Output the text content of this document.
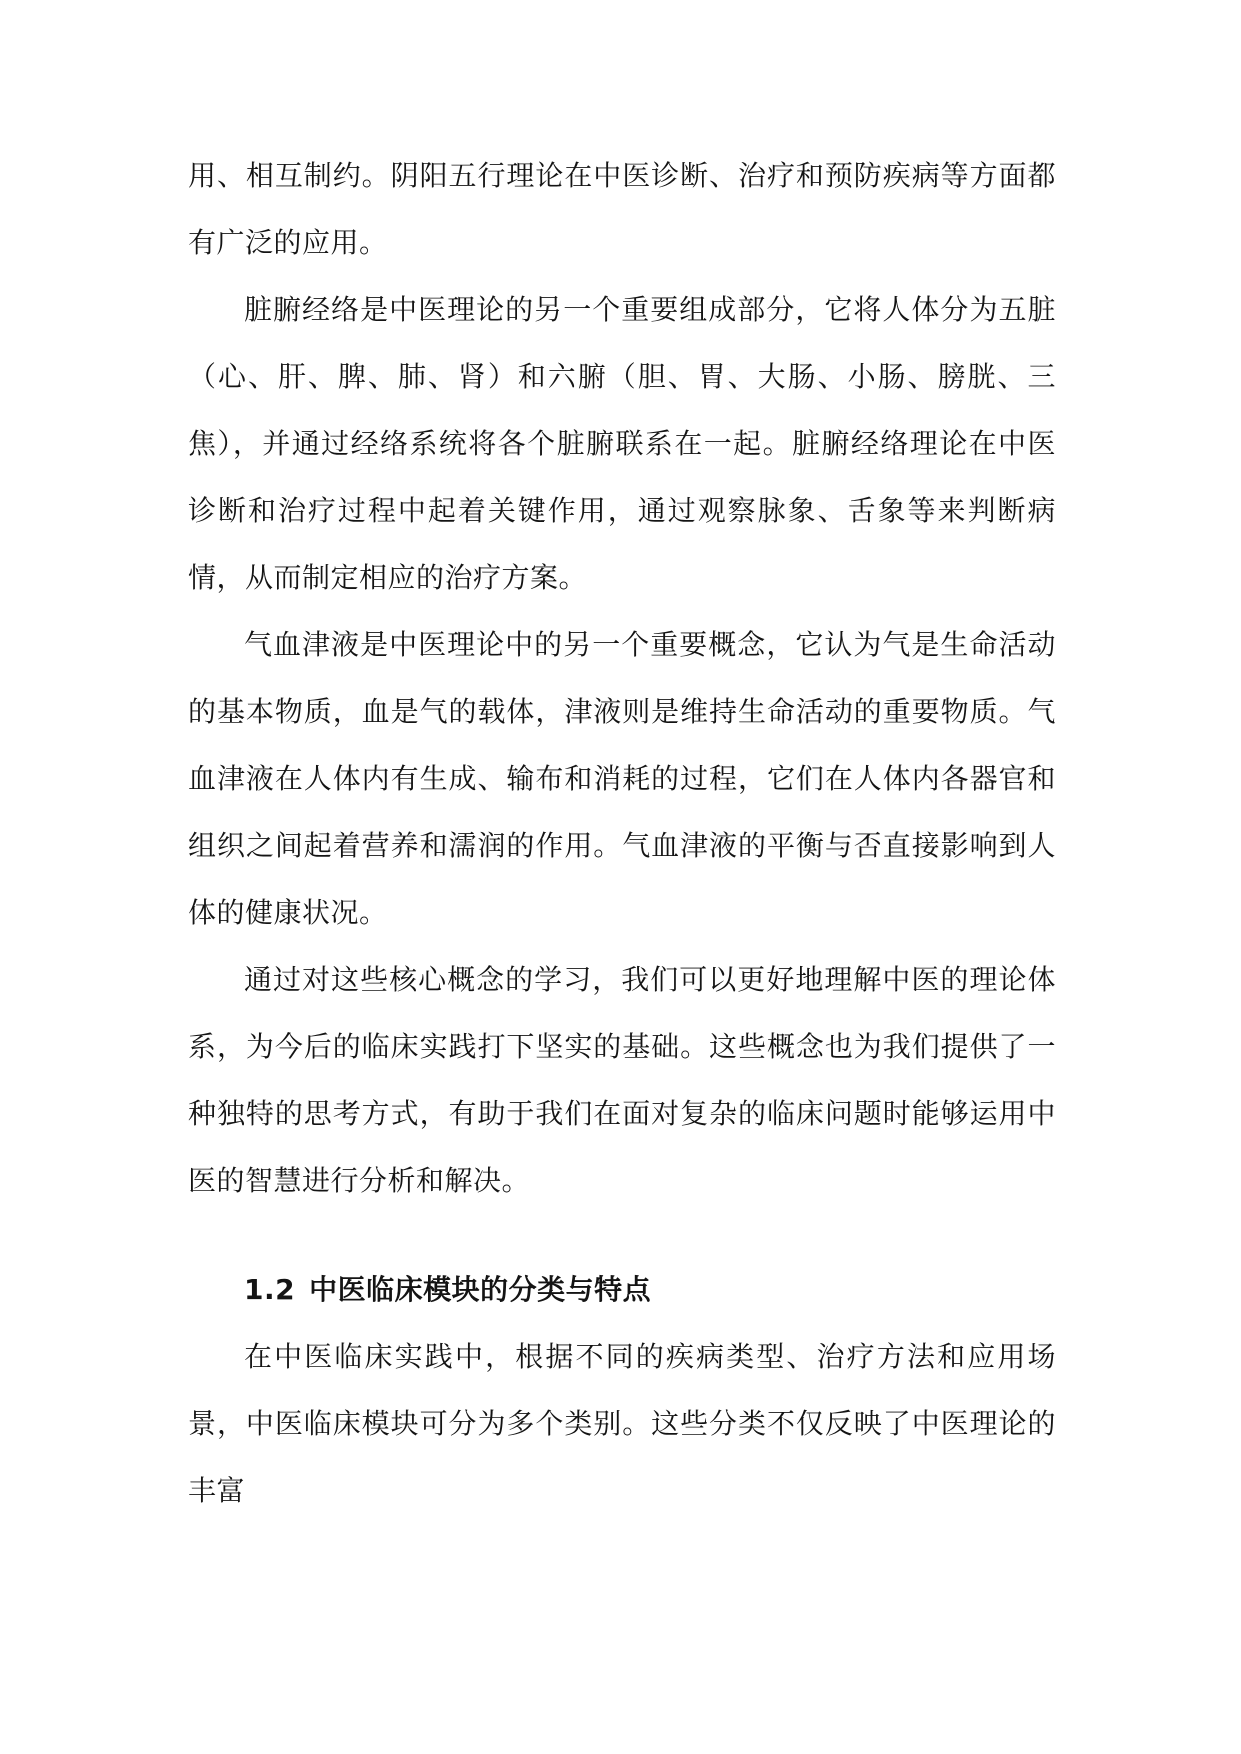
用、相互制约。阴阳五行理论在中医诊断、治疗和预防疾病等方面都有广泛的应用。

脏腑经络是中医理论的另一个重要组成部分，它将人体分为五脏（心、肝、脾、肺、肾）和六腑（胆、胃、大肠、小肠、膀胱、三焦），并通过经络系统将各个脏腑联系在一起。脏腑经络理论在中医诊断和治疗过程中起着关键作用，通过观察脉象、舌象等来判断病情，从而制定相应的治疗方案。

气血津液是中医理论中的另一个重要概念，它认为气是生命活动的基本物质，血是气的载体，津液则是维持生命活动的重要物质。气血津液在人体内有生成、输布和消耗的过程，它们在人体内各器官和组织之间起着营养和濡润的作用。气血津液的平衡与否直接影响到人体的健康状况。

通过对这些核心概念的学习，我们可以更好地理解中医的理论体系，为今后的临床实践打下坚实的基础。这些概念也为我们提供了一种独特的思考方式，有助于我们在面对复杂的临床问题时能够运用中医的智慧进行分析和解决。

1.2 中医临床模块的分类与特点

在中医临床实践中，根据不同的疾病类型、治疗方法和应用场景，中医临床模块可分为多个类别。这些分类不仅反映了中医理论的丰富
